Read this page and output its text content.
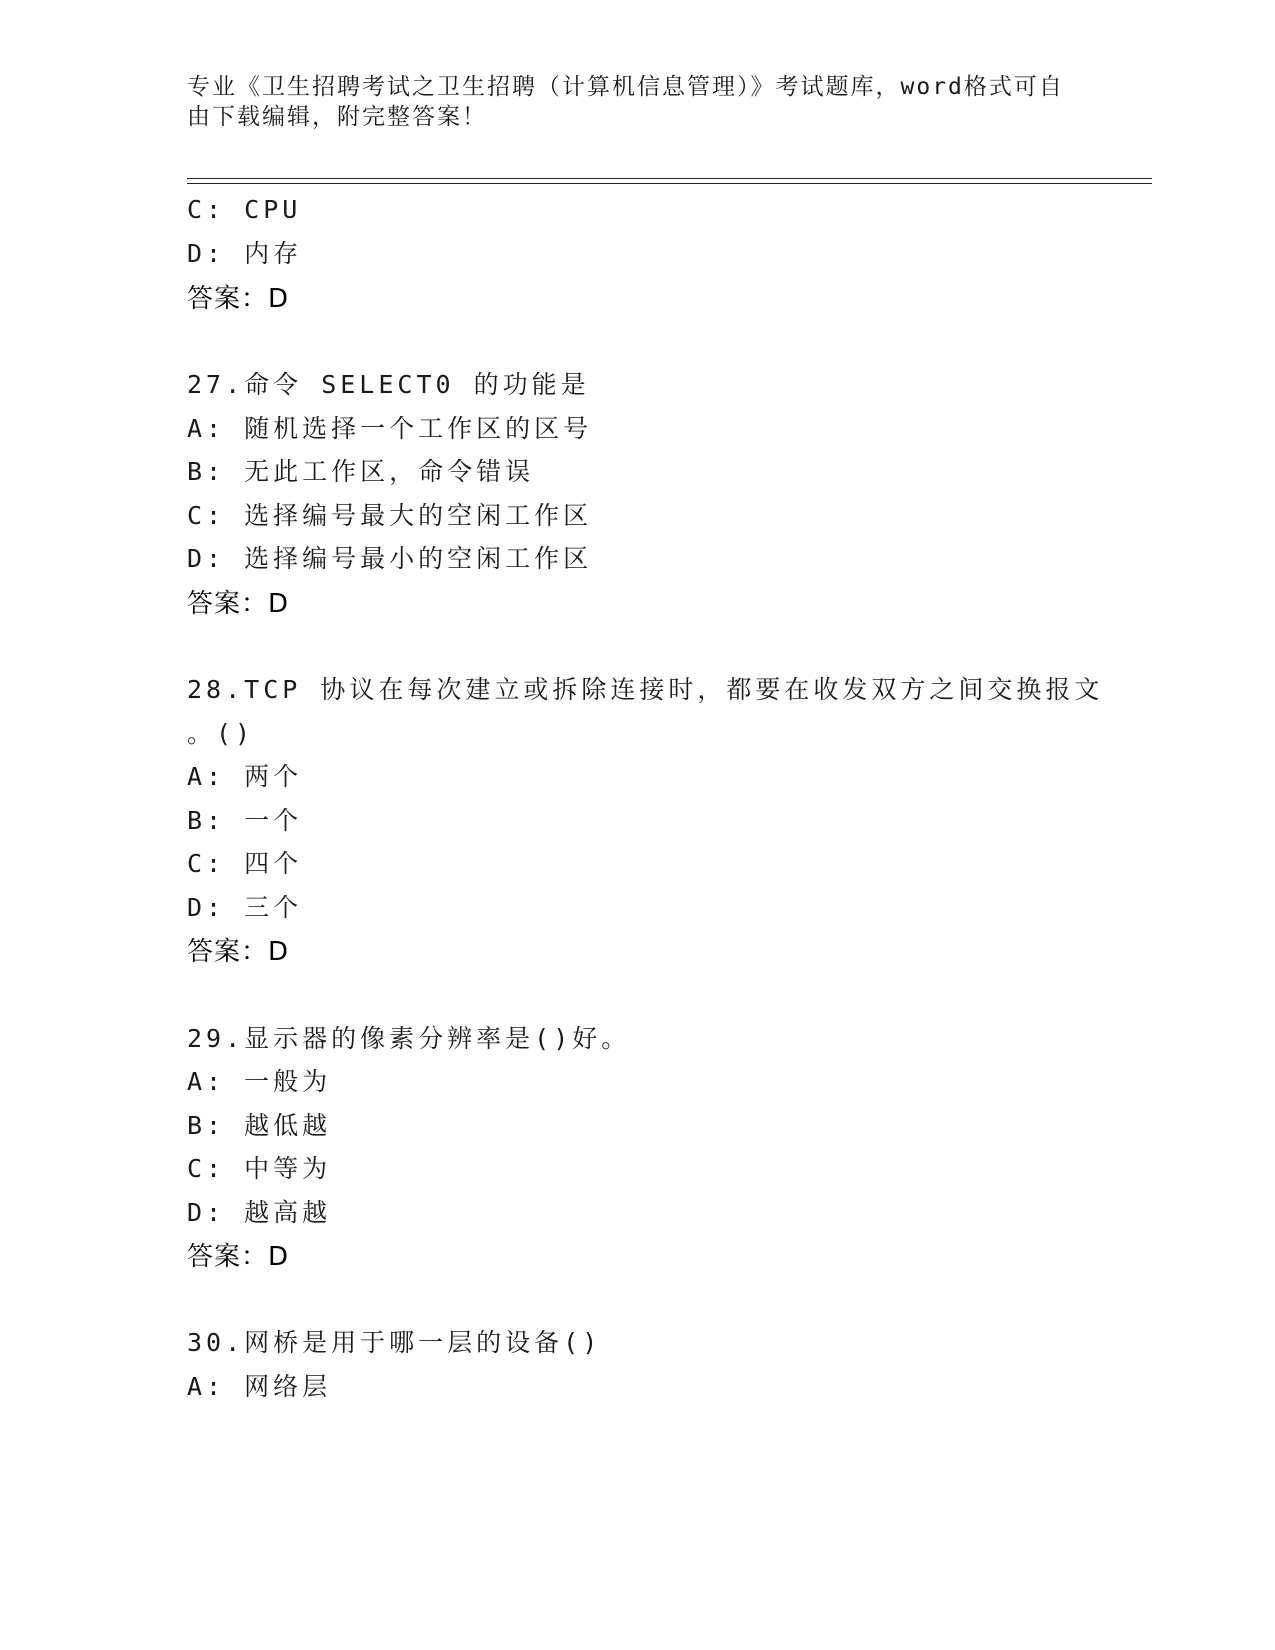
专业《卫生招聘考试之卫生招聘（计算机信息管理）》考试题库，word格式可自由下载编辑，附完整答案！
C: CPU
D: 内存
答案：D
27.命令 SELECT0 的功能是
A: 随机选择一个工作区的区号
B: 无此工作区，命令错误
C: 选择编号最大的空闲工作区
D: 选择编号最小的空闲工作区
答案：D
28.TCP 协议在每次建立或拆除连接时，都要在收发双方之间交换报文
。()
A: 两个
B: 一个
C: 四个
D: 三个
答案：D
29.显示器的像素分辨率是()好。
A: 一般为
B: 越低越
C: 中等为
D: 越高越
答案：D
30.网桥是用于哪一层的设备()
A: 网络层
